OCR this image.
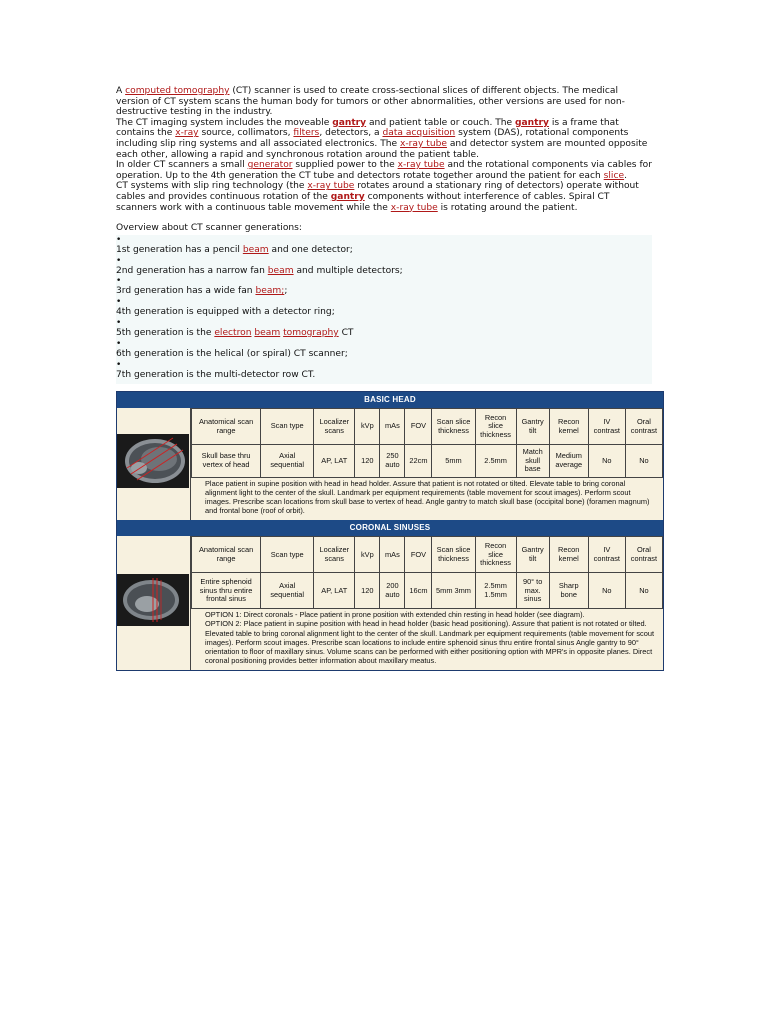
A computed tomography (CT) scanner is used to create cross-sectional slices of different objects. The medical version of CT system scans the human body for tumors or other abnormalities, other versions are used for non-destructive testing in the industry.
The CT imaging system includes the moveable gantry and patient table or couch. The gantry is a frame that contains the x-ray source, collimators, filters, detectors, a data acquisition system (DAS), rotational components including slip ring systems and all associated electronics. The x-ray tube and detector system are mounted opposite each other, allowing a rapid and synchronous rotation around the patient table.
In older CT scanners a small generator supplied power to the x-ray tube and the rotational components via cables for operation. Up to the 4th generation the CT tube and detectors rotate together around the patient for each slice.
CT systems with slip ring technology (the x-ray tube rotates around a stationary ring of detectors) operate without cables and provides continuous rotation of the gantry components without interference of cables. Spiral CT scanners work with a continuous table movement while the x-ray tube is rotating around the patient.
Overview about CT scanner generations:
•
1st generation has a pencil beam and one detector;
•
2nd generation has a narrow fan beam and multiple detectors;
•
3rd generation has a wide fan beam;;
•
4th generation is equipped with a detector ring;
•
5th generation is the electron beam tomography CT
•
6th generation is the helical (or spiral) CT scanner;
•
7th generation is the multi-detector row CT.
BASIC HEAD
Anatomical scan range	Scan type	Localizer scans	kVp	mAs	FOV	Scan slice thickness	Recon slice thickness	Gantry tilt	Recon kernel	IV contrast	Oral contrast
Skull base thru vertex of head	Axial sequential	AP, LAT	120	250 auto	22cm	5mm	2.5mm	Match skull base	Medium average	No	No
Place patient in supine position with head in head holder. Assure that patient is not rotated or tilted. Elevate table to bring coronal alignment light to the center of the skull. Landmark per equipment requirements (table movement for scout images). Perform scout images. Prescribe scan locations from skull base to vertex of head. Angle gantry to match skull base (occipital bone) (foramen magnum) and frontal bone (roof of orbit).
CORONAL SINUSES
Anatomical scan range	Scan type	Localizer scans	kVp	mAs	FOV	Scan slice thickness	Recon slice thickness	Gantry tilt	Recon kernel	IV contrast	Oral contrast
Entire sphenoid sinus thru entire frontal sinus	Axial sequential	AP, LAT	120	200 auto	16cm	5mm 3mm	2.5mm 1.5mm	90° to max. sinus	Sharp bone	No	No
OPTION 1: Direct coronals - Place patient in prone position with extended chin resting in head holder (see diagram).
OPTION 2: Place patient in supine position with head in head holder (basic head positioning). Assure that patient is not rotated or tilted. Elevated table to bring coronal alignment light to the center of the skull. Landmark per equipment requirements (table movement for scout images). Perform scout images. Prescribe scan locations to include entire sphenoid sinus thru entire frontal sinus Angle gantry to 90° orientation to floor of maxillary sinus. Volume scans can be performed with either positioning option with MPR's in opposite planes. Direct coronal positioning provides better information about maxillary meatus.
